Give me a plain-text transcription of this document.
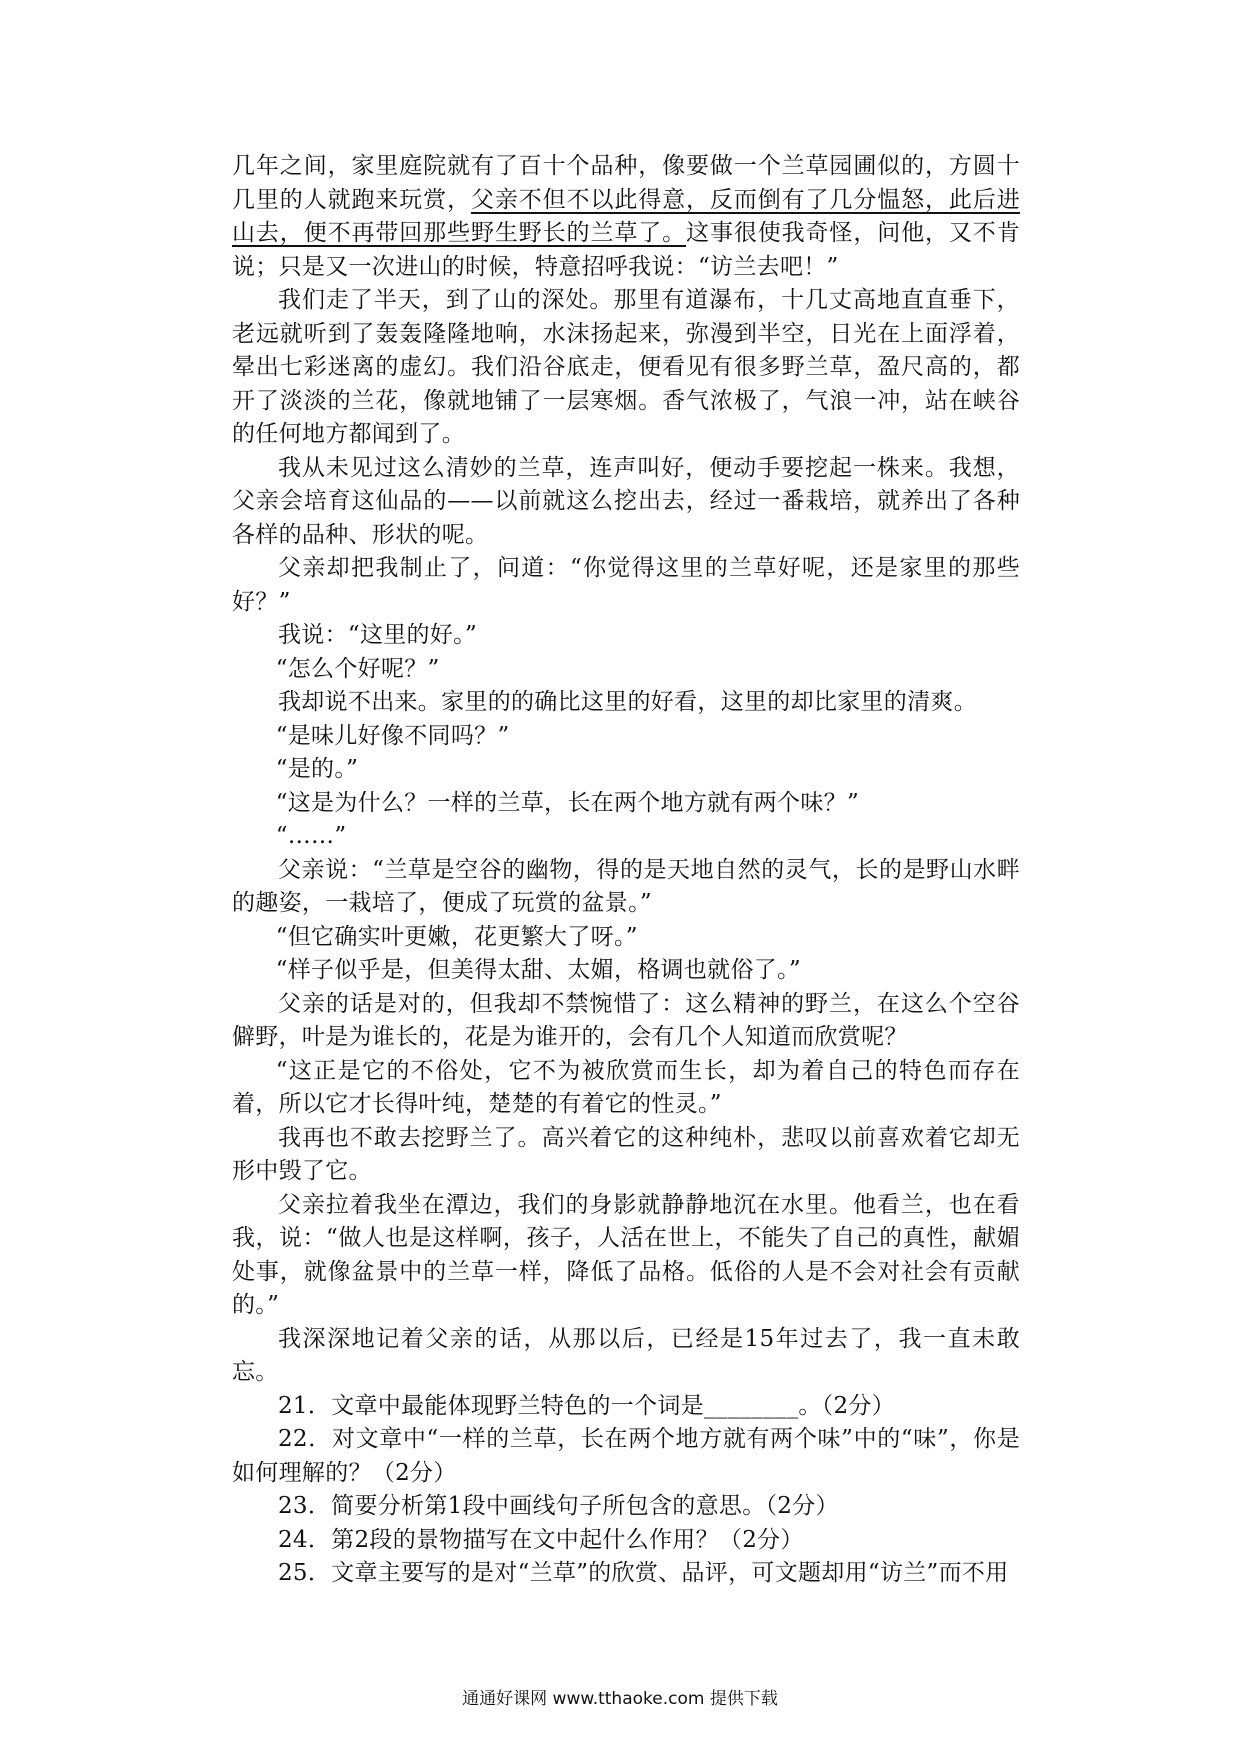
几年之间，家里庭院就有了百十个品种，像要做一个兰草园圃似的，方圆十几里的人就跑来玩赏，父亲不但不以此得意，反而倒有了几分愠怒，此后进山去，便不再带回那些野生野长的兰草了。这事很使我奇怪，问他，又不肯说；只是又一次进山的时候，特意招呼我说：“访兰去吧！”

我们走了半天，到了山的深处。那里有道瀑布，十几丈高地直直垂下，老远就听到了轰轰隆隆地响，水沫扬起来，弥漫到半空，日光在上面浮着，晕出七彩迷离的虚幻。我们沿谷底走，便看见有很多野兰草，盈尺高的，都开了淡淡的兰花，像就地铺了一层寒烟。香气浓极了，气浪一冲，站在峡谷的任何地方都闻到了。

我从未见过这么清妙的兰草，连声叫好，便动手要挖起一株来。我想，父亲会培育这仙品的——以前就这么挖出去，经过一番栽培，就养出了各种各样的品种、形状的呢。

父亲却把我制止了，问道：“你觉得这里的兰草好呢，还是家里的那些好？”

我说：“这里的好。”

“怎么个好呢？”

我却说不出来。家里的的确比这里的好看，这里的却比家里的清爽。

“是味儿好像不同吗？”

“是的。”

“这是为什么？一样的兰草，长在两个地方就有两个味？”

“……”

父亲说：“兰草是空谷的幽物，得的是天地自然的灵气，长的是野山水畔的趣姿，一栽培了，便成了玩赏的盆景。”

“但它确实叶更嫩，花更繁大了呀。”

“样子似乎是，但美得太甜、太媚，格调也就俗了。”

父亲的话是对的，但我却不禁惋惜了：这么精神的野兰，在这么个空谷僻野，叶是为谁长的，花是为谁开的，会有几个人知道而欣赏呢？

“这正是它的不俗处，它不为被欣赏而生长，却为着自己的特色而存在着，所以它才长得叶纯，楚楚的有着它的性灵。”

我再也不敢去挖野兰了。高兴着它的这种纯朴，悲叹以前喜欢着它却无形中毁了它。

父亲拉着我坐在潭边，我们的身影就静静地沉在水里。他看兰，也在看我，说：“做人也是这样啊，孩子，人活在世上，不能失了自己的真性，献媚处事，就像盆景中的兰草一样，降低了品格。低俗的人是不会对社会有贡献的。”

我深深地记着父亲的话，从那以后，已经是15年过去了，我一直未敢忘。

21．文章中最能体现野兰特色的一个词是________。（2分）

22．对文章中“一样的兰草，长在两个地方就有两个味”中的“味”，你是如何理解的？（2分）

23．简要分析第1段中画线句子所包含的意思。（2分）

24．第2段的景物描写在文中起什么作用？（2分）

25．文章主要写的是对“兰草”的欣赏、品评，可文题却用“访兰”而不用

通通好课网 www.tthaoke.com 提供下载
